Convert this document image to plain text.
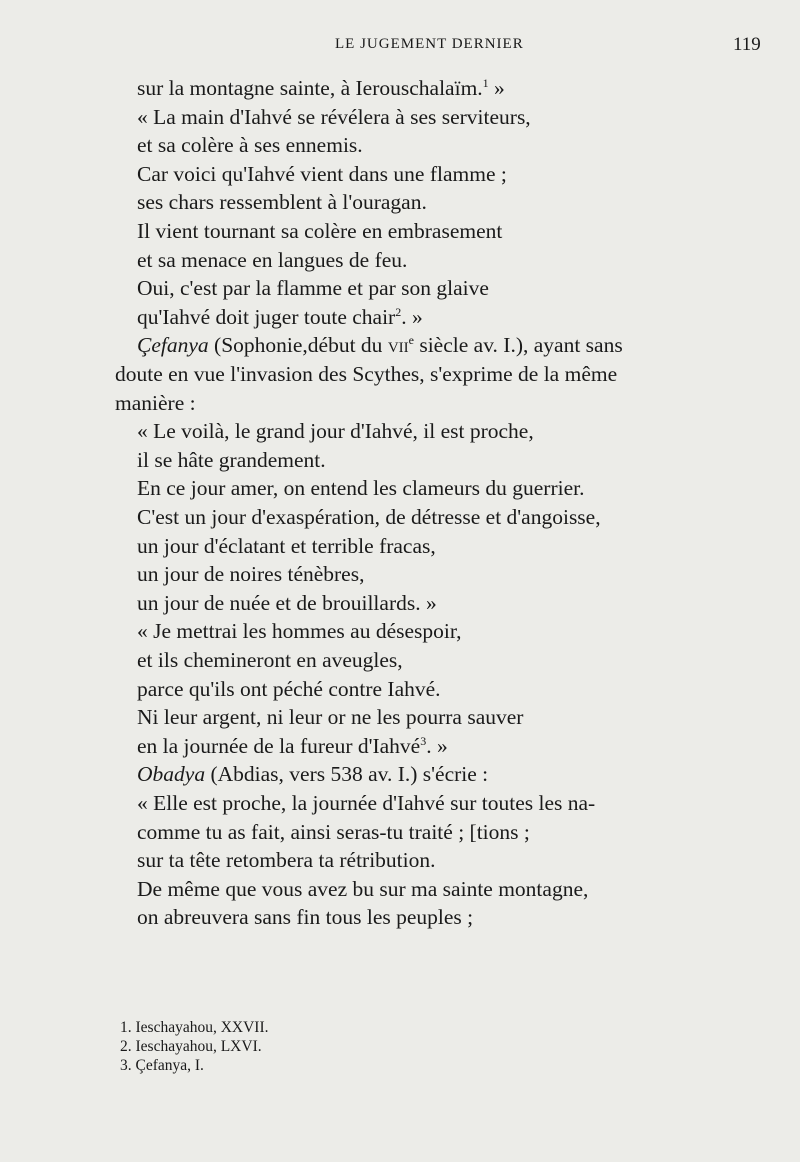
LE JUGEMENT DERNIER	119
sur la montagne sainte, à Ierouschalaïm.$^1$ »
« La main d'Iahvé se révélera à ses serviteurs,
et sa colère à ses ennemis.
Car voici qu'Iahvé vient dans une flamme ;
ses chars ressemblent à l'ouragan.
Il vient tournant sa colère en embrasement
et sa menace en langues de feu.
Oui, c'est par la flamme et par son glaive
qu'Iahvé doit juger toute chair$^2$. »
Çefanya (Sophonie,début du vii$^e$ siècle av. I.), ayant sans
doute en vue l'invasion des Scythes, s'exprime de la même
manière :
« Le voilà, le grand jour d'Iahvé, il est proche,
il se hâte grandement.
En ce jour amer, on entend les clameurs du guerrier.
C'est un jour d'exaspération, de détresse et d'angoisse,
un jour d'éclatant et terrible fracas,
un jour de noires ténèbres,
un jour de nuée et de brouillards. »
« Je mettrai les hommes au désespoir,
et ils chemineront en aveugles,
parce qu'ils ont péché contre Iahvé.
Ni leur argent, ni leur or ne les pourra sauver
en la journée de la fureur d'Iahvé$^3$. »
Obadya (Abdias, vers 538 av. I.) s'écrie :
« Elle est proche, la journée d'Iahvé sur toutes les na-
comme tu as fait, ainsi seras-tu traité ; [tions ;
sur ta tête retombera ta rétribution.
De même que vous avez bu sur ma sainte montagne,
on abreuvera sans fin tous les peuples ;
1. Ieschayahou, XXVII.
2. Ieschayahou, LXVI.
3. Çefanya, I.
